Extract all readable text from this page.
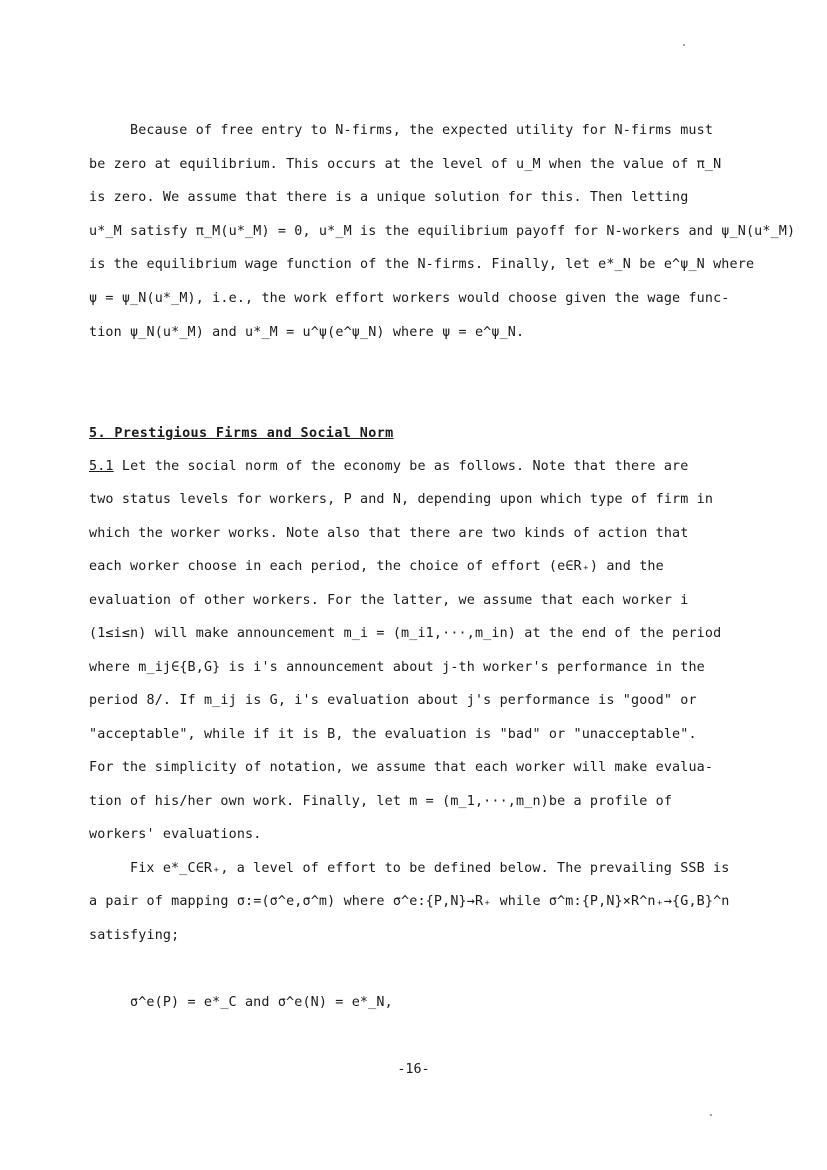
Because of free entry to N-firms, the expected utility for N-firms must
be zero at equilibrium. This occurs at the level of u_M when the value of π_N
is zero. We assume that there is a unique solution for this. Then letting
u*_M satisfy π_M(u*_M) = 0, u*_M is the equilibrium payoff for N-workers and ψ_N(u*_M)
is the equilibrium wage function of the N-firms. Finally, let e*_N be e^ψ_N where
ψ = ψ_N(u*_M), i.e., the work effort workers would choose given the wage func-
tion ψ_N(u*_M) and u*_M = u^ψ(e^ψ_N) where ψ = e^ψ_N.
5. Prestigious Firms and Social Norm
5.1 Let the social norm of the economy be as follows. Note that there are
two status levels for workers, P and N, depending upon which type of firm in
which the worker works. Note also that there are two kinds of action that
each worker choose in each period, the choice of effort (e∈R₊) and the
evaluation of other workers. For the latter, we assume that each worker i
(1≤i≤n) will make announcement m_i = (m_i1,···,m_in) at the end of the period
where m_ij∈{B,G} is i's announcement about j-th worker's performance in the
period 8/. If m_ij is G, i's evaluation about j's performance is "good" or
"acceptable", while if it is B, the evaluation is "bad" or "unacceptable".
For the simplicity of notation, we assume that each worker will make evalua-
tion of his/her own work. Finally, let m = (m_1,···,m_n)be a profile of
workers' evaluations.
Fix e*_C∈R₊, a level of effort to be defined below. The prevailing SSB is
a pair of mapping σ:=(σ^e,σ^m) where σ^e:{P,N}→R₊ while σ^m:{P,N}×R^n₊→{G,B}^n
satisfying;
σ^e(P) = e*_C and σ^e(N) = e*_N,
-16-
